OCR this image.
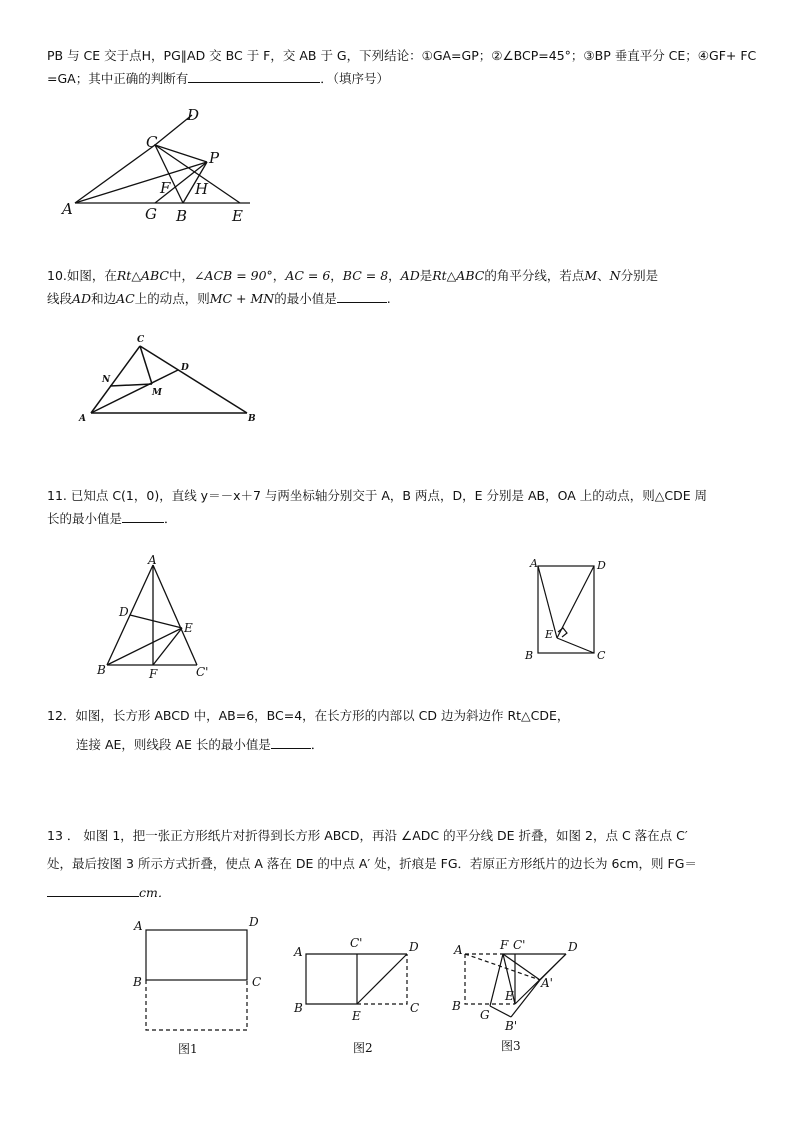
PB 与 CE 交于点H，PG∥AD 交 BC 于 F，交 AB 于 G，下列结论：①GA=GP；②∠BCP=45°；③BP 垂直平分 CE；④GF+ FC
=GA；其中正确的判断有	．（填序号）
D
C
P
F H
A	G B	E
10.如图，在Rt△ABC中，∠ACB = 90°，AC = 6，BC = 8，AD是Rt△ABC的角平分线，若点M、N分别是
线段AD和边AC上的动点，则MC + MN的最小值是	.
C
D
N
M
A	B
11. 已知点 C(1，0)，直线 y＝－x＋7 与两坐标轴分别交于 A，B 两点，D，E 分别是 AB，OA 上的动点，则△CDE 周
长的最小值是	．
A
D
E
B	F	C'
A	D
E
B	C
12．如图，长方形 ABCD 中，AB=6，BC=4，在长方形的内部以 CD 边为斜边作 Rt△CDE，
连接 AE，则线段 AE 长的最小值是	．
13 ． 如图 1，把一张正方形纸片对折得到长方形 ABCD，再沿 ∠ADC 的平分线 DE 折叠，如图 2，点 C 落在点 C′
处，最后按图 3 所示方式折叠，使点 A 落在 DE 的中点 A′ 处，折痕是 FG．若原正方形纸片的边长为 6cm，则 FG＝
cm．
A	D
B	C
图1
A
C'	D
B
E
C
图2
A	F C'	D
A'
B
E
G
B'
图3
